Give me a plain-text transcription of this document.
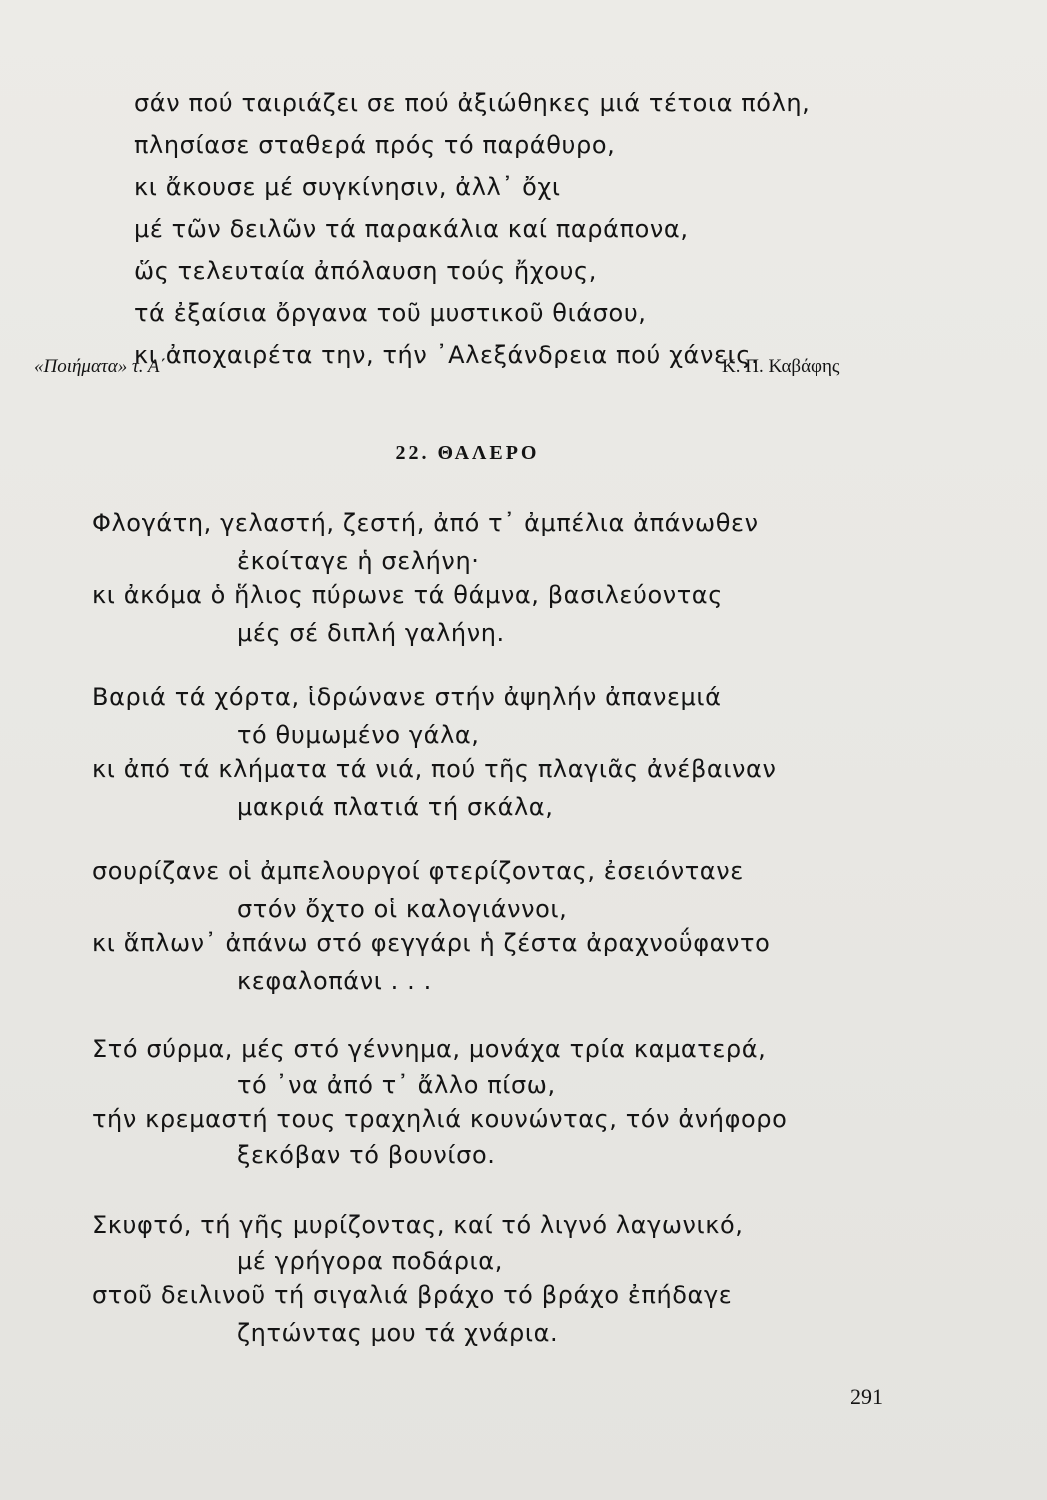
σάν πού ταιριάζει σε πού ἀξιώθηκες μιά τέτοια πόλη,
πλησίασε σταθερά πρός τό παράθυρο,
κι ἄκουσε μέ συγκίνησιν, ἀλλ᾿ ὄχι
μέ τῶν δειλῶν τά παρακάλια καί παράπονα,
ὥς τελευταία ἀπόλαυση τούς ἤχους,
τά ἐξαίσια ὄργανα τοῦ μυστικοῦ θιάσου,
κι ἀποχαιρέτα την, τήν ᾿Αλεξάνδρεια πού χάνεις.
«Ποιήματα» τ. Α΄	Κ. Π. Καβάφης
22. ΘΑΛΕΡΟ
Φλογάτη, γελαστή, ζεστή, ἀπό τ᾿ ἀμπέλια ἀπάνωθεν
ἐκοίταγε ἡ σελήνη·
κι ἀκόμα ὁ ἥλιος πύρωνε τά θάμνα, βασιλεύοντας
μές σέ διπλή γαλήνη.
Βαριά τά χόρτα, ἱδρώνανε στήν ἀψηλήν ἀπανεμιά
τό θυμωμένο γάλα,
κι ἀπό τά κλήματα τά νιά, πού τῆς πλαγιᾶς ἀνέβαιναν
μακριά πλατιά τή σκάλα,
σουρίζανε οἱ ἀμπελουργοί φτερίζοντας, ἐσειόντανε
στόν ὄχτο οἱ καλογιάννοι,
κι ἅπλων᾿ ἀπάνω στό φεγγάρι ἡ ζέστα ἀραχνοΰφαντο
κεφαλοπάνι . . .
Στό σύρμα, μές στό γέννημα, μονάχα τρία καματερά,
τό ᾿να ἀπό τ᾿ ἄλλο πίσω,
τήν κρεμαστή τους τραχηλιά κουνώντας, τόν ἀνήφορο
ξεκόβαν τό βουνίσο.
Σκυφτό, τή γῆς μυρίζοντας, καί τό λιγνό λαγωνικό,
μέ γρήγορα ποδάρια,
στοῦ δειλινοῦ τή σιγαλιά βράχο τό βράχο ἐπήδαγε
ζητώντας μου τά χνάρια.
291
